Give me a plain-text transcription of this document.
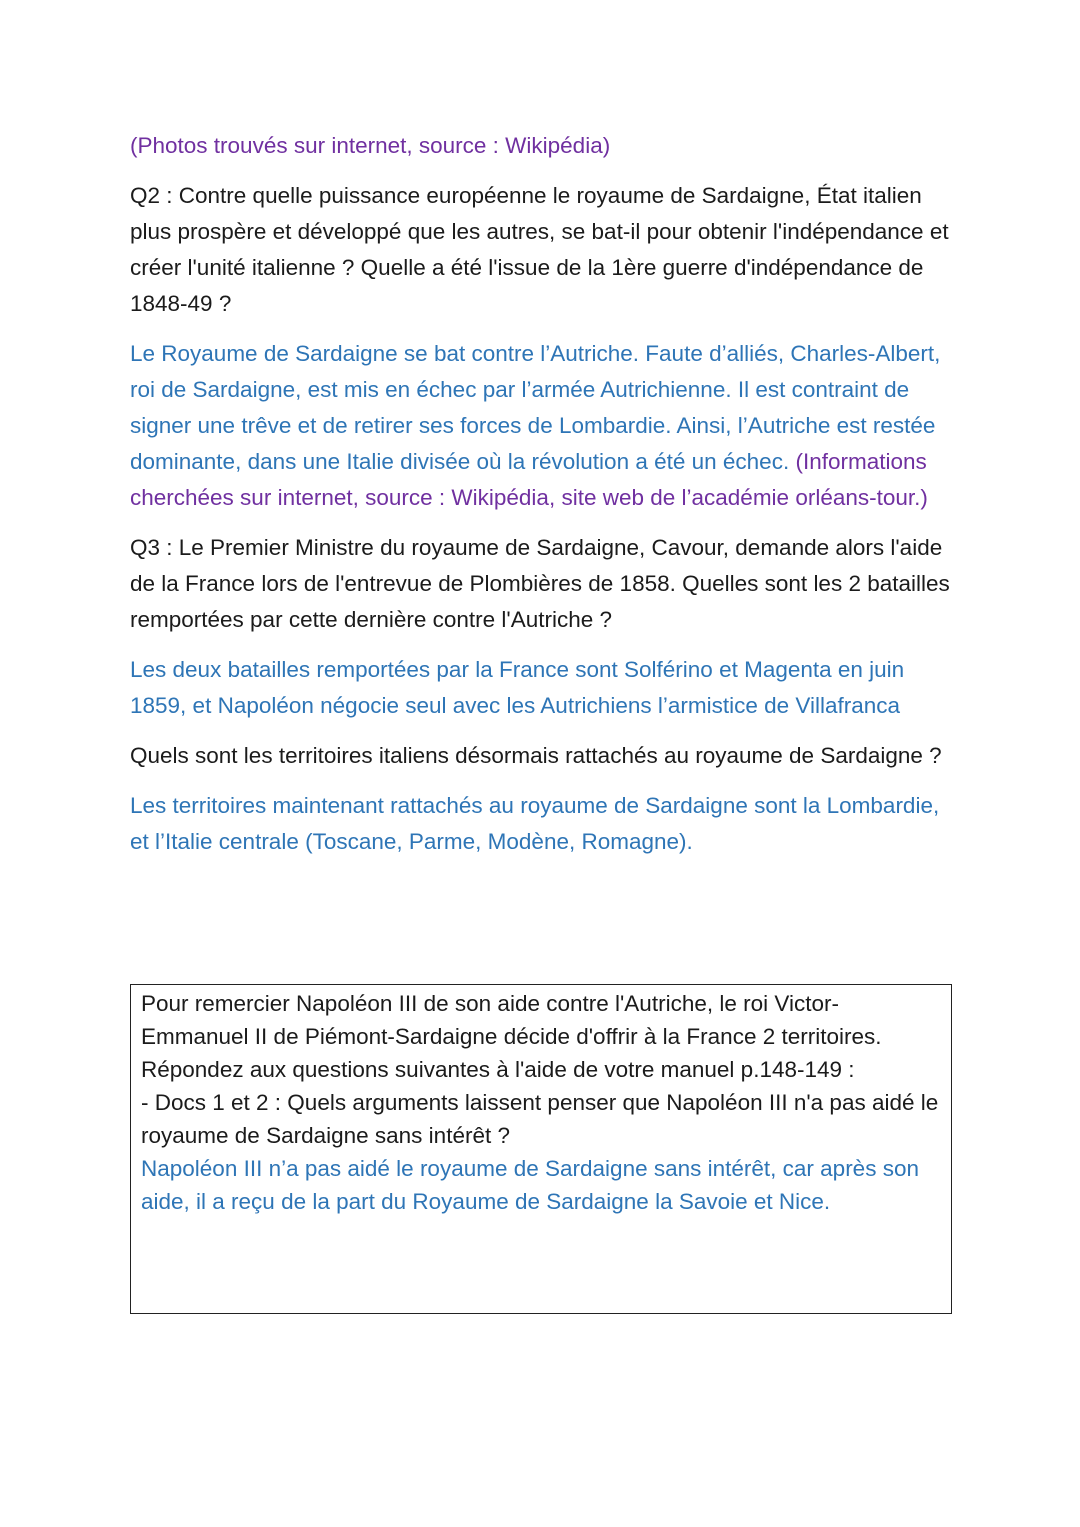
(Photos trouvés sur internet, source : Wikipédia)

Q2 : Contre quelle puissance européenne le royaume de Sardaigne, État italien plus prospère et développé que les autres, se bat-il pour obtenir l'indépendance et créer l'unité italienne ? Quelle a été l'issue de la 1ère guerre d'indépendance de 1848-49 ?

Le Royaume de Sardaigne se bat contre l’Autriche. Faute d’alliés, Charles-Albert, roi de Sardaigne, est mis en échec par l’armée Autrichienne. Il est contraint de signer une trêve et de retirer ses forces de Lombardie. Ainsi, l’Autriche est restée dominante, dans une Italie divisée où la révolution a été un échec. (Informations cherchées sur internet, source : Wikipédia, site web de l’académie orléans-tour.)

Q3 : Le Premier Ministre du royaume de Sardaigne, Cavour, demande alors l'aide de la France lors de l'entrevue de Plombières de 1858. Quelles sont les 2 batailles remportées par cette dernière contre l'Autriche ?

Les deux batailles remportées par la France sont Solférino et Magenta en juin 1859, et Napoléon négocie seul avec les Autrichiens l’armistice de Villafranca

Quels sont les territoires italiens désormais rattachés au royaume de Sardaigne ?

Les territoires maintenant rattachés au royaume de Sardaigne sont la Lombardie, et l’Italie centrale (Toscane, Parme, Modène, Romagne).

Pour remercier Napoléon III de son aide contre l'Autriche, le roi Victor-Emmanuel II de Piémont-Sardaigne décide d'offrir à la France 2 territoires. Répondez aux questions suivantes à l'aide de votre manuel p.148-149 :

- Docs 1 et 2 : Quels arguments laissent penser que Napoléon III n'a pas aidé le royaume de Sardaigne sans intérêt ?

Napoléon III n’a pas aidé le royaume de Sardaigne sans intérêt, car après son aide, il a reçu de la part du Royaume de Sardaigne la Savoie et Nice.
